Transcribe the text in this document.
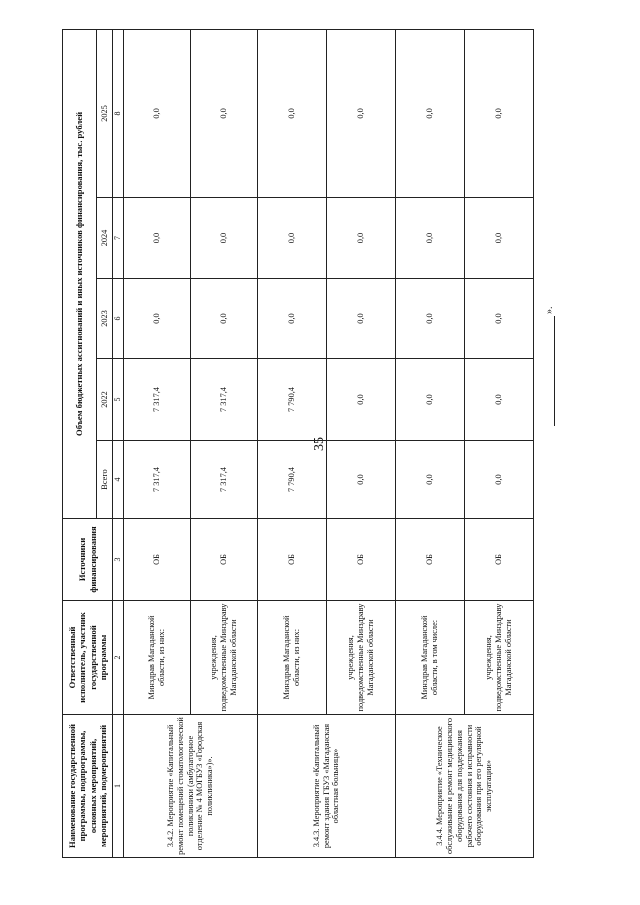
35
Наименование государственной программы, подпрограммы, основных мероприятий, мероприятий, подмероприятий	Ответственный исполнитель, участник государственной программы	Источники финансирования	Объем бюджетных ассигнований и иных источников финансирования, тыс. рублей				
			Всего	2022	2023	2024	2025
1	2	3	4	5	6	7	8
3.4.2. Мероприятие «Капитальный ремонт помещений стоматологической поликлиники (амбулаторное отделение № 4 МОГБУЗ «Городская поликлиника»)».	Минздрав Магаданской области, из них:	ОБ	7 317,4	7 317,4	0,0	0,0	0,0
	учреждения, подведомственные Минздраву Магаданской области	ОБ	7 317,4	7 317,4	0,0	0,0	0,0
3.4.3. Мероприятие «Капитальный ремонт здания ГБУЗ «Магаданская областная больница»	Минздрав Магаданской области, из них:	ОБ	7 790,4	7 790,4	0,0	0,0	0,0
	учреждения, подведомственные Минздраву Магаданской области	ОБ	0,0	0,0	0,0	0,0	0,0
3.4.4. Мероприятие «Техническое обслуживание и ремонт медицинского оборудования для поддержания рабочего состояния и исправности оборудования при его регулярной эксплуатации»	Минздрав Магаданской области, в том числе:	ОБ	0,0	0,0	0,0	0,0	0,0
	учреждения, подведомственные Минздраву Магаданской области	ОБ	0,0	0,0	0,0	0,0	0,0
».
